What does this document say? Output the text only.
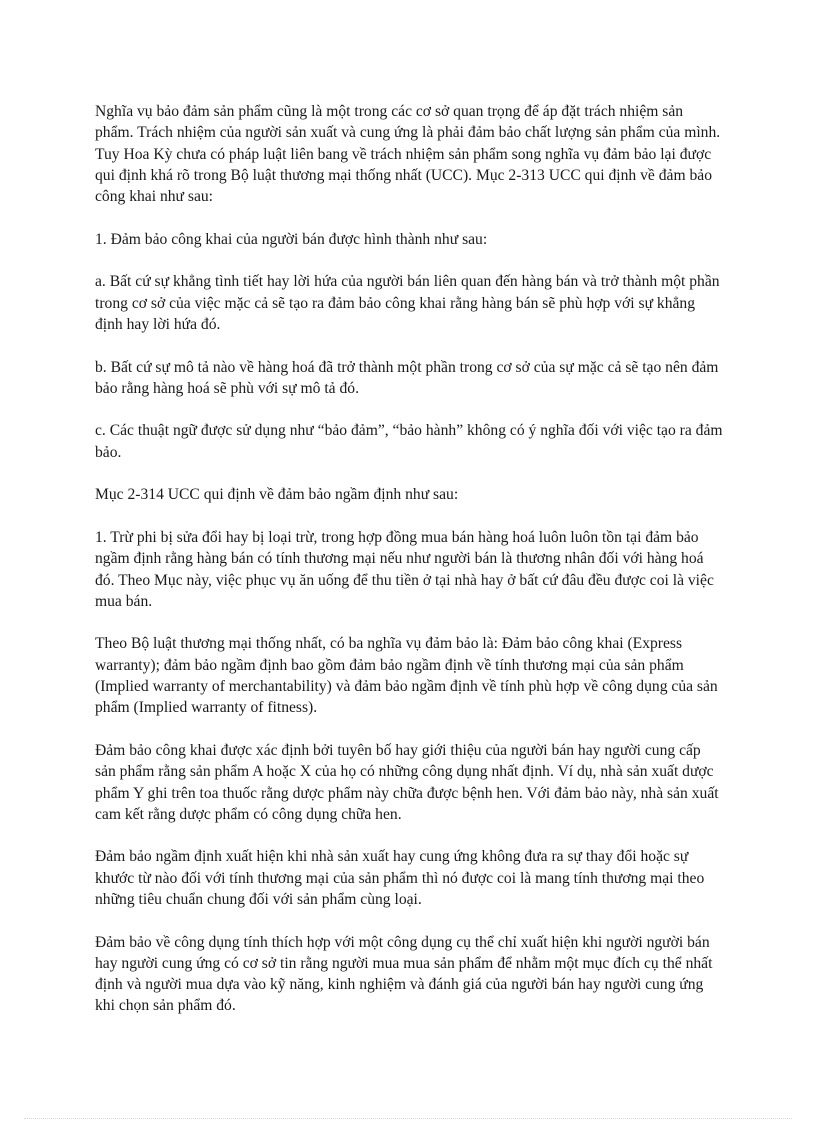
Nghĩa vụ bảo đảm sản phẩm cũng là một trong các cơ sở quan trọng để áp đặt trách nhiệm sản phẩm. Trách nhiệm của người sản xuất và cung ứng là phải đảm bảo chất lượng sản phẩm của mình. Tuy Hoa Kỳ chưa có pháp luật liên bang về trách nhiệm sản phẩm song nghĩa vụ đảm bảo lại được qui định khá rõ trong Bộ luật thương mại thống nhất (UCC). Mục 2-313 UCC qui định về đảm bảo công khai như sau:

1. Đảm bảo công khai của người bán được hình thành như sau:

a. Bất cứ sự khẳng tình tiết hay lời hứa của người bán liên quan đến hàng bán và trở thành một phần trong cơ sở của việc mặc cả sẽ tạo ra đảm bảo công khai rằng hàng bán sẽ phù hợp với sự khẳng định hay lời hứa đó.

b. Bất cứ sự mô tả nào về hàng hoá đã trở thành một phần trong cơ sở của sự mặc cả sẽ tạo nên đảm bảo rằng hàng hoá sẽ phù với sự mô tả đó.

c. Các thuật ngữ được sử dụng như “bảo đảm”, “bảo hành” không có ý nghĩa đối với việc tạo ra đảm bảo.

Mục 2-314 UCC qui định về đảm bảo ngầm định như sau:

1. Trừ phi bị sửa đổi hay bị loại trừ, trong hợp đồng mua bán hàng hoá luôn luôn tồn tại đảm bảo ngầm định rằng hàng bán có tính thương mại nếu như người bán là thương nhân đối với hàng hoá đó. Theo Mục này, việc phục vụ ăn uống để thu tiền ở tại nhà hay ở bất cứ đâu đều được coi là việc mua bán.

Theo Bộ luật thương mại thống nhất, có ba nghĩa vụ đảm bảo là: Đảm bảo công khai (Express warranty); đảm bảo ngầm định bao gồm đảm bảo ngầm định về tính thương mại của sản phẩm (Implied warranty of merchantability) và đảm bảo ngầm định về tính phù hợp về công dụng của sản phẩm (Implied warranty of fitness).

Đảm bảo công khai được xác định bởi tuyên bố hay giới thiệu của người bán hay người cung cấp sản phẩm rằng sản phẩm A hoặc X của họ có những công dụng nhất định. Ví dụ, nhà sản xuất dược phẩm Y ghi trên toa thuốc rằng dược phẩm này chữa được bệnh hen. Với đảm bảo này, nhà sản xuất cam kết rằng dược phẩm có công dụng chữa hen.

Đảm bảo ngầm định xuất hiện khi nhà sản xuất hay cung ứng không đưa ra sự thay đổi hoặc sự khước từ nào đối với tính thương mại của sản phẩm thì nó được coi là mang tính thương mại theo những tiêu chuẩn chung đối với sản phẩm cùng loại.

Đảm bảo về công dụng tính thích hợp với một công dụng cụ thể chỉ xuất hiện khi người người bán hay người cung ứng có cơ sở tin rằng người mua mua sản phẩm để nhằm một mục đích cụ thể nhất định và người mua dựa vào kỹ năng, kinh nghiệm và đánh giá của người bán hay người cung ứng khi chọn sản phẩm đó.
